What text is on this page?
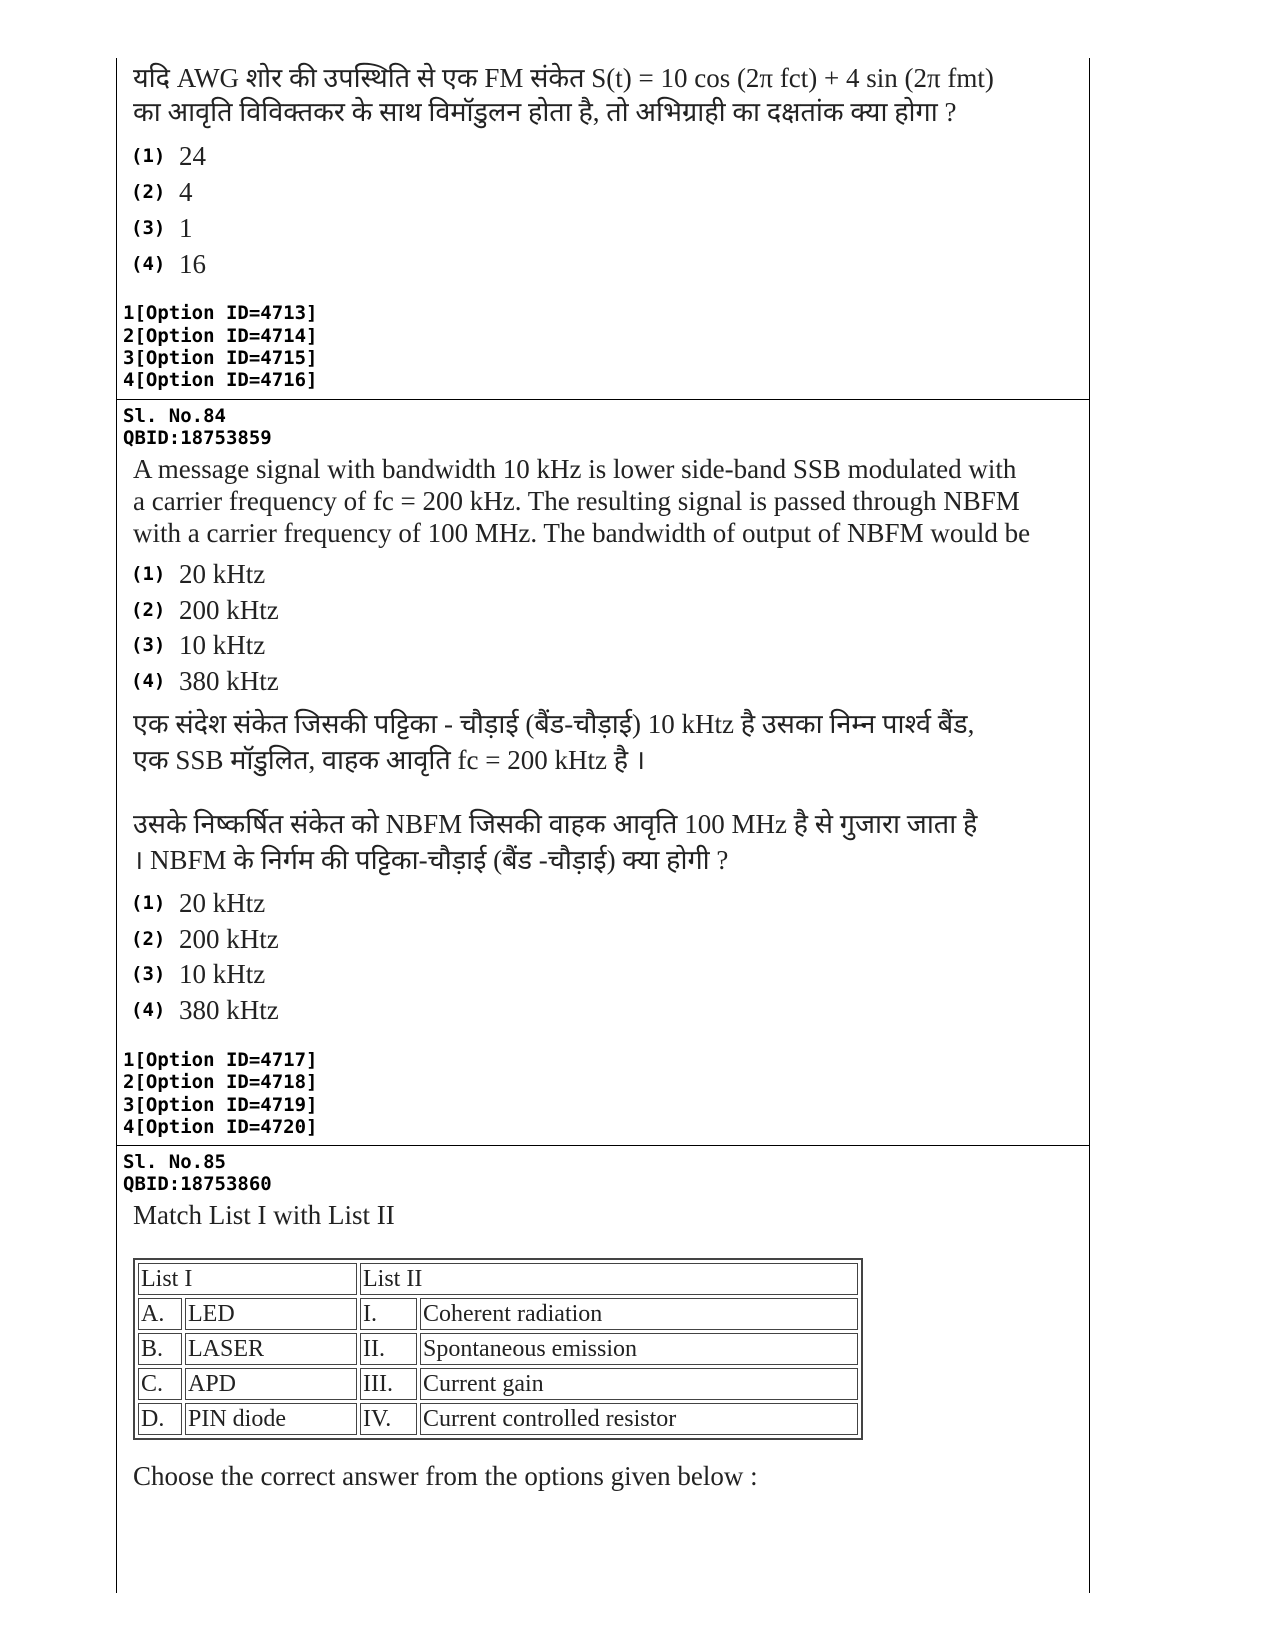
यदि AWG शोर की उपस्थिति से एक FM संकेत S(t) = 10 cos (2π fct) + 4 sin (2π fmt)
का आवृति विविक्तकर के साथ विमॉडुलन होता है, तो अभिग्राही का दक्षतांक क्या होगा ?
(1) 24
(2) 4
(3) 1
(4) 16
1[Option ID=4713]
2[Option ID=4714]
3[Option ID=4715]
4[Option ID=4716]
Sl. No.84
QBID:18753859
A message signal with bandwidth 10 kHz is lower side-band SSB modulated with
a carrier frequency of fc = 200 kHz. The resulting signal is passed through NBFM
with a carrier frequency of 100 MHz. The bandwidth of output of NBFM would be
(1) 20 kHtz
(2) 200 kHtz
(3) 10 kHtz
(4) 380 kHtz
एक संदेश संकेत जिसकी पट्टिका - चौड़ाई (बैंड-चौड़ाई) 10 kHtz है उसका निम्न पार्श्व बैंड,
एक SSB मॉडुलित, वाहक आवृति fc = 200 kHtz है ।
उसके निष्कर्षित संकेत को NBFM जिसकी वाहक आवृति 100 MHz है से गुजारा जाता है
। NBFM के निर्गम की पट्टिका-चौड़ाई (बैंड -चौड़ाई) क्या होगी ?
(1) 20 kHtz
(2) 200 kHtz
(3) 10 kHtz
(4) 380 kHtz
1[Option ID=4717]
2[Option ID=4718]
3[Option ID=4719]
4[Option ID=4720]
Sl. No.85
QBID:18753860
Match List I with List II
List I		List II	
A.	LED	I.	Coherent radiation
B.	LASER	II.	Spontaneous emission
C.	APD	III.	Current gain
D.	PIN diode	IV.	Current controlled resistor
Choose the correct answer from the options given below :
